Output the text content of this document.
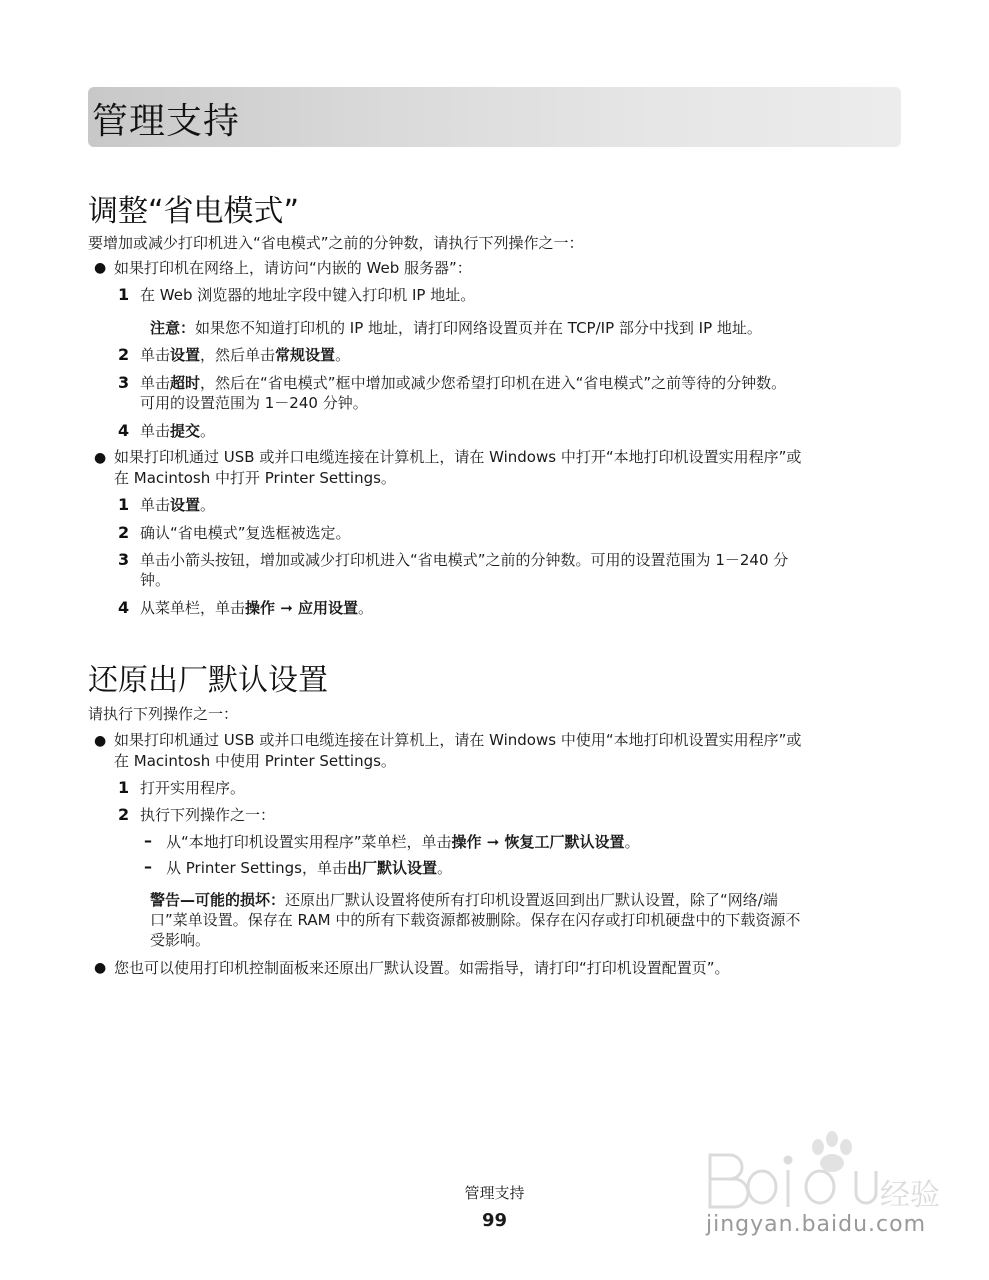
管理支持
调整“省电模式”
要增加或减少打印机进入“省电模式”之前的分钟数，请执行下列操作之一：
● 如果打印机在网络上，请访问“内嵌的 Web 服务器”：
1 在 Web 浏览器的地址字段中键入打印机 IP 地址。
注意：如果您不知道打印机的 IP 地址，请打印网络设置页并在 TCP/IP 部分中找到 IP 地址。
2 单击设置，然后单击常规设置。
3 单击超时，然后在“省电模式”框中增加或减少您希望打印机在进入“省电模式”之前等待的分钟数。
可用的设置范围为 1－240 分钟。
4 单击提交。
● 如果打印机通过 USB 或并口电缆连接在计算机上，请在 Windows 中打开“本地打印机设置实用程序”或
在 Macintosh 中打开 Printer Settings。
1 单击设置。
2 确认“省电模式”复选框被选定。
3 单击小箭头按钮，增加或减少打印机进入“省电模式”之前的分钟数。可用的设置范围为 1－240 分
钟。
4 从菜单栏，单击操作 ➞ 应用设置。
还原出厂默认设置
请执行下列操作之一：
● 如果打印机通过 USB 或并口电缆连接在计算机上，请在 Windows 中使用“本地打印机设置实用程序”或
在 Macintosh 中使用 Printer Settings。
1 打开实用程序。
2 执行下列操作之一：
– 从“本地打印机设置实用程序”菜单栏，单击操作 ➞ 恢复工厂默认设置。
– 从 Printer Settings，单击出厂默认设置。
警告—可能的损坏：还原出厂默认设置将使所有打印机设置返回到出厂默认设置，除了“网络/端
口”菜单设置。保存在 RAM 中的所有下载资源都被删除。保存在闪存或打印机硬盘中的下载资源不
受影响。
● 您也可以使用打印机控制面板来还原出厂默认设置。如需指导，请打印“打印机设置配置页”。
管理支持
99
经验
jingyan.baidu.com
